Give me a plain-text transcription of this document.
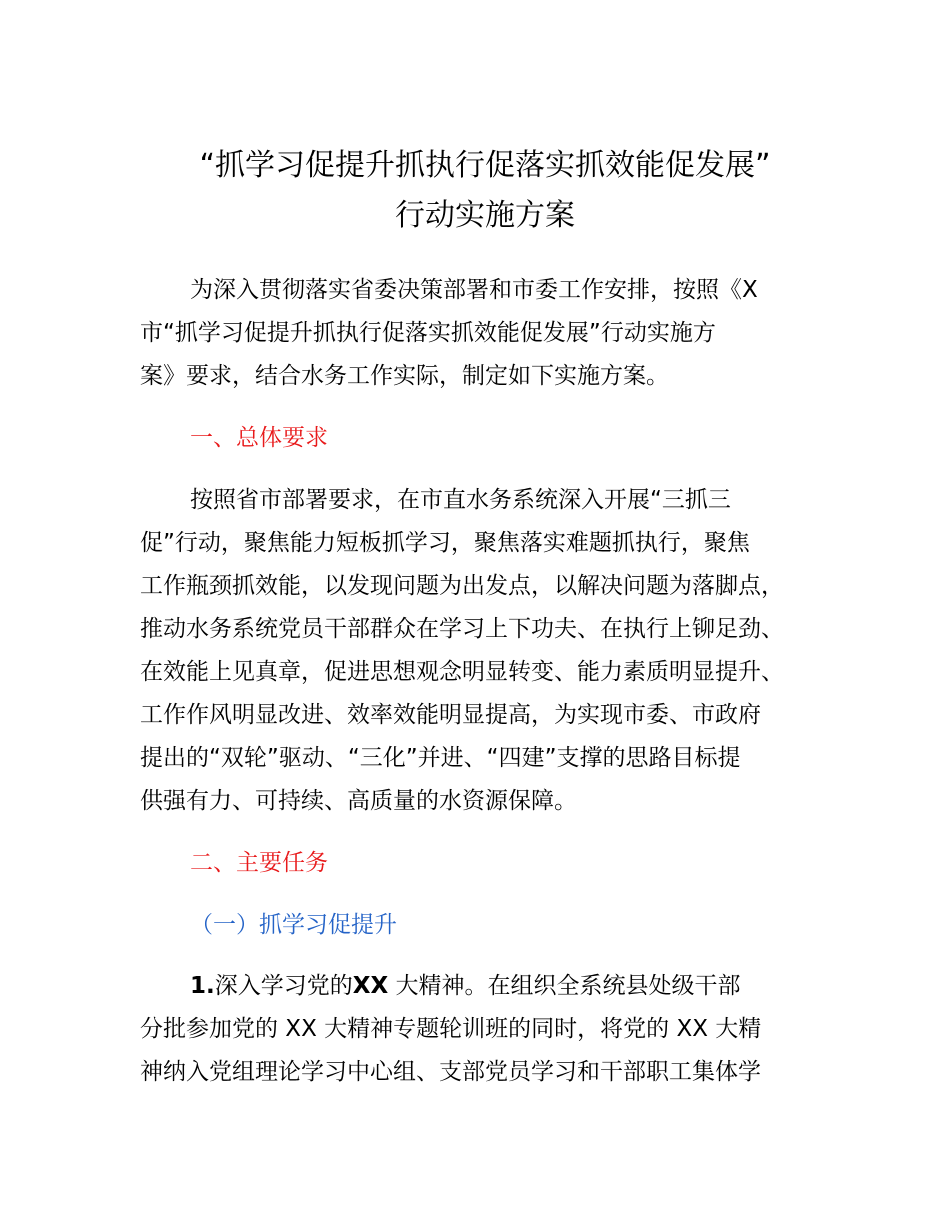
“抓学习促提升抓执行促落实抓效能促发展”
行动实施方案

为深入贯彻落实省委决策部署和市委工作安排，按照《X

市“抓学习促提升抓执行促落实抓效能促发展”行动实施方

案》要求，结合水务工作实际，制定如下实施方案。

一、总体要求

按照省市部署要求，在市直水务系统深入开展“三抓三

促”行动，聚焦能力短板抓学习，聚焦落实难题抓执行，聚焦

工作瓶颈抓效能，以发现问题为出发点，以解决问题为落脚点，

推动水务系统党员干部群众在学习上下功夫、在执行上铆足劲、

在效能上见真章，促进思想观念明显转变、能力素质明显提升、

工作作风明显改进、效率效能明显提高，为实现市委、市政府

提出的“双轮”驱动、“三化”并进、“四建”支撑的思路目标提

供强有力、可持续、高质量的水资源保障。

二、主要任务

（一）抓学习促提升

1.深入学习党的XX 大精神。在组织全系统县处级干部

分批参加党的 XX 大精神专题轮训班的同时，将党的 XX 大精

神纳入党组理论学习中心组、支部党员学习和干部职工集体学
